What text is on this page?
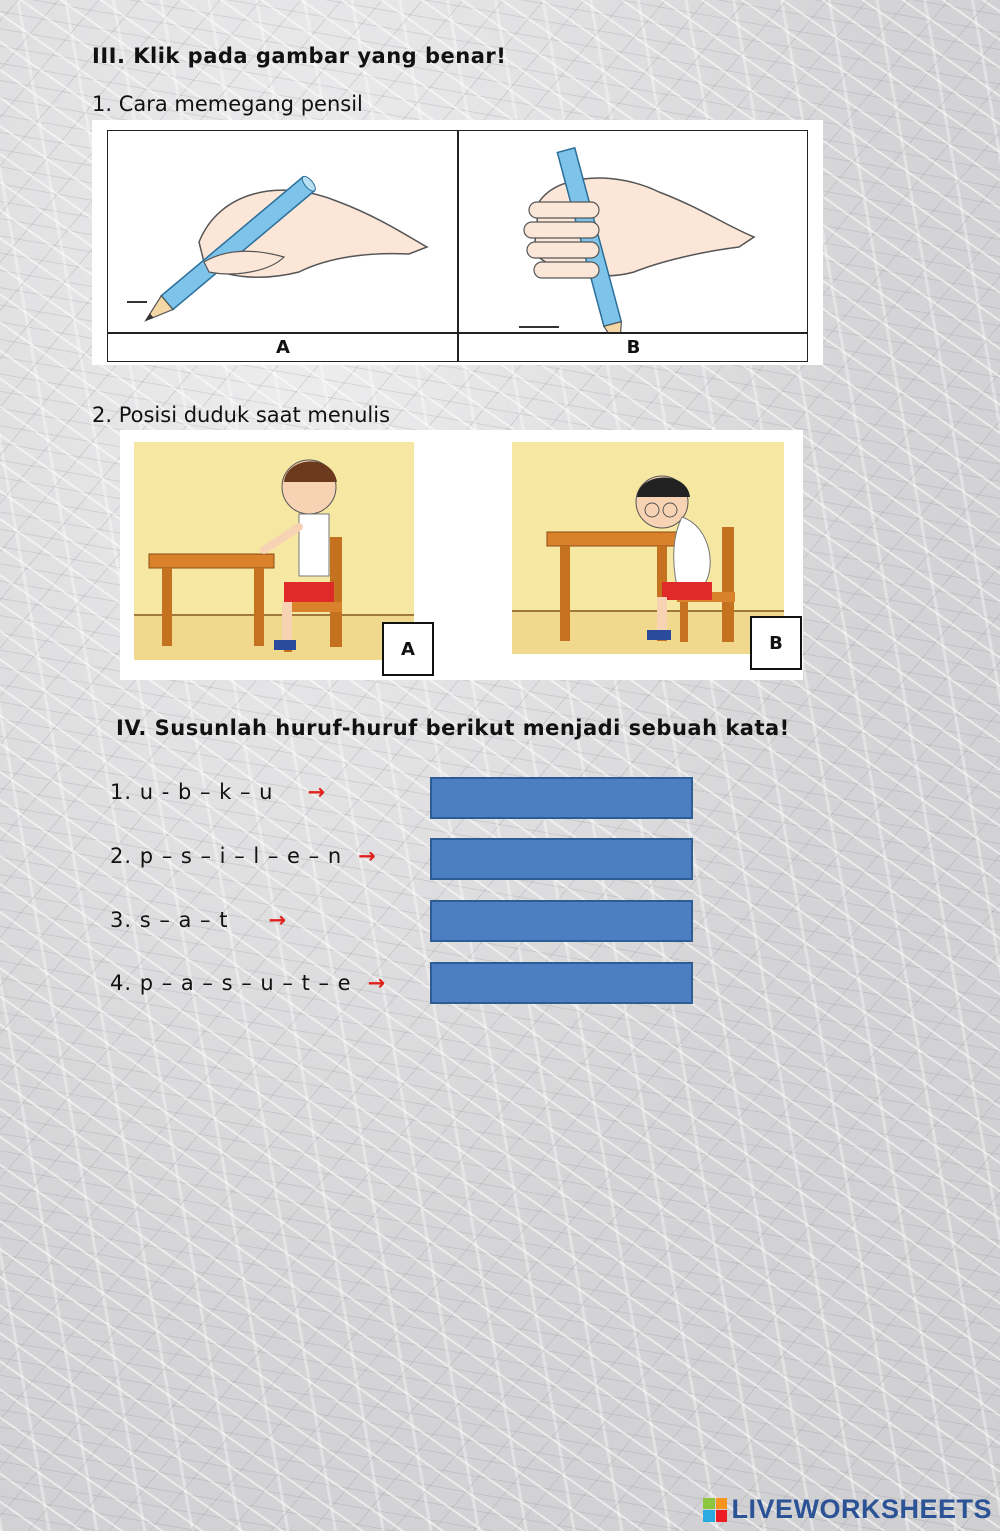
III. Klik pada gambar yang benar!
1. Cara memegang pensil
A	B
2. Posisi duduk saat menulis
A	B
IV. Susunlah huruf-huruf berikut menjadi sebuah kata!
1. u - b – k – u →
2. p – s – i – l – e – n →
3. s – a – t →
4. p – a – s – u – t – e →
LIVEWORKSHEETS
